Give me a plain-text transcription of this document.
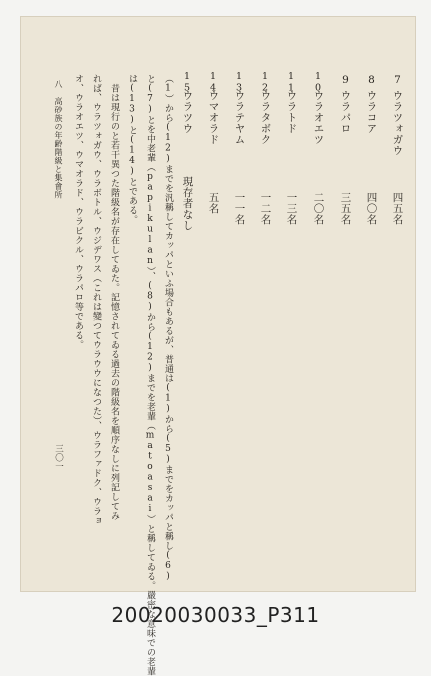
7
ウラツォガウ
四五名
8
ウラコア
四〇名
9
ウラパロ
三五名
10
ウラオエツ
二〇名
11
ウラトド
一三名
12
ウラタボク
一二名
13
ウラテヤム
一一名
14
ウマオラド
五名
15
ウラツウ
現存者なし
（1）から(12)までを汎稱してカッパといふ場合もあるが、普通は(1)から(5)までをカッパと稱し(6)
と(7)とを中老輩（papikulan）、(8)から(12)までを老輩（matoasai）と稱してゐる。嚴密な意味での老輩
は(13)と(14)とである。
　昔は現行のと若干異つた階級名が存在してゐた。記憶されてゐる過去の階級名を順序なしに列記してみ
れば、ウラツォガウ、ウラボトル、ウジデワス（これは變つてウラウウになつた）、ウラファドク、ウラョ
オ、ウラオエツ、ウマオラド、ウラビクル、ウラパロ等である。
八　高砂族の年齢階級と集會所
三〇一
20020030033_P311
